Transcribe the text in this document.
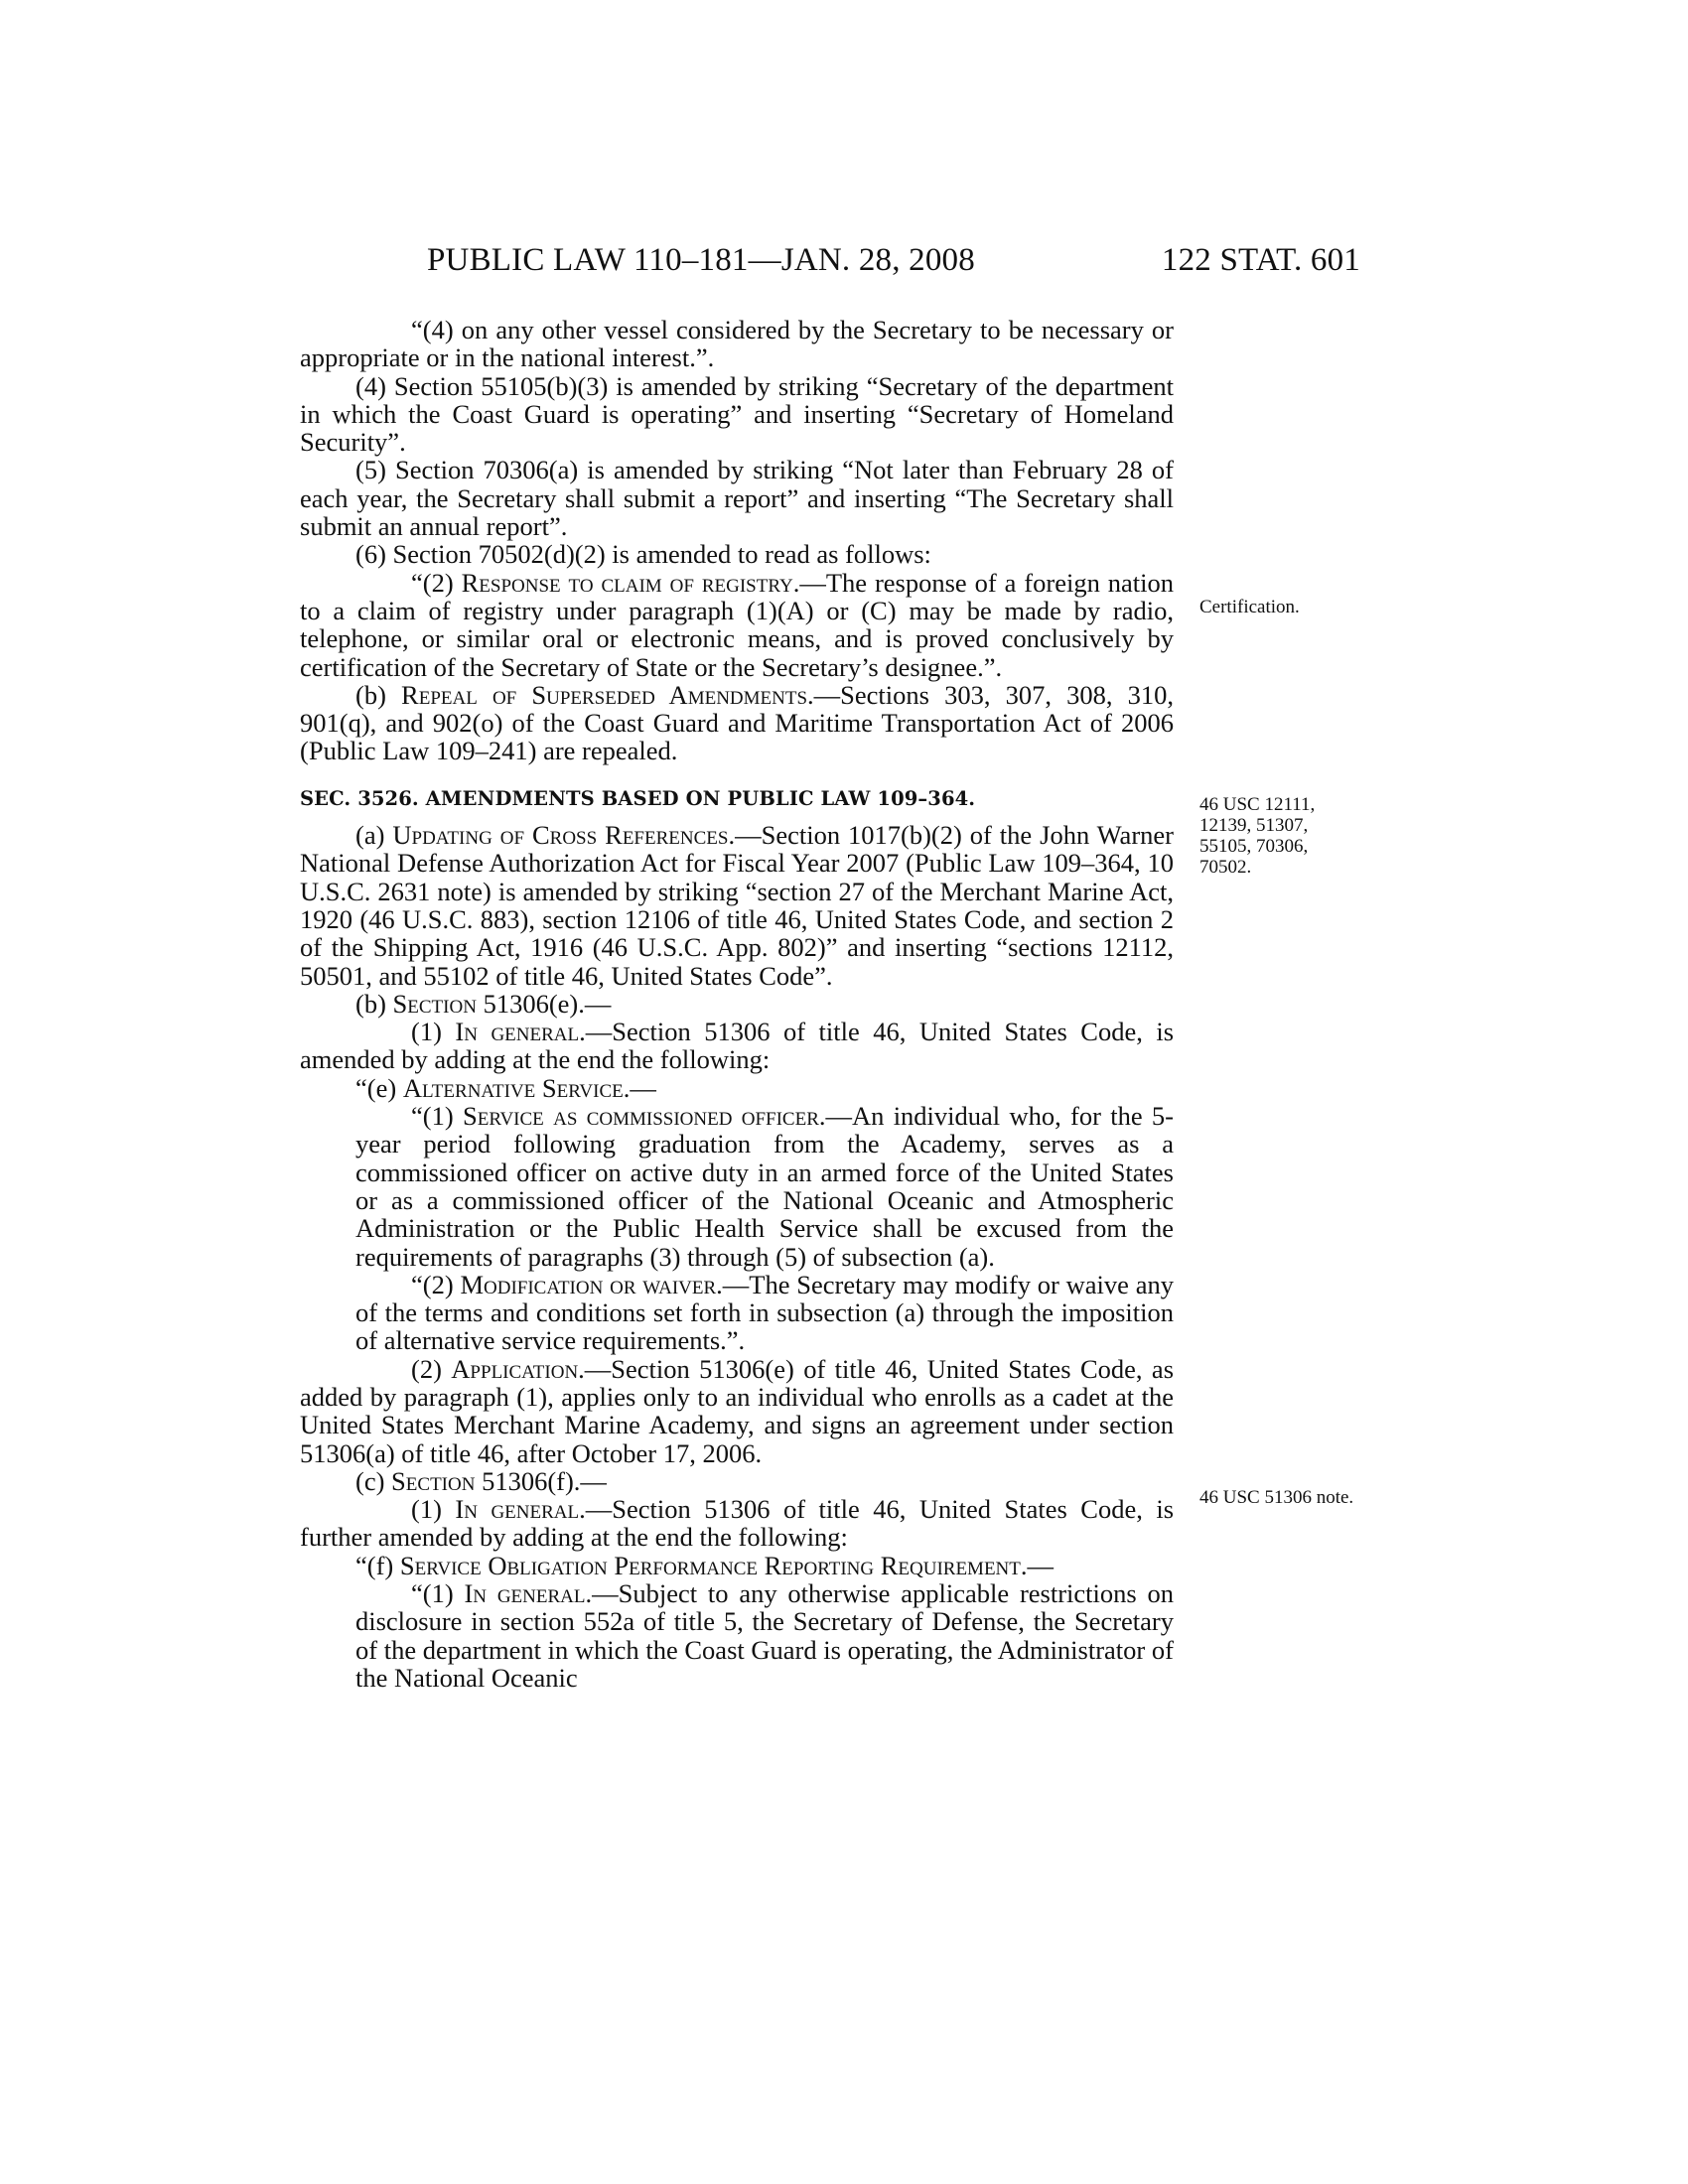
PUBLIC LAW 110–181—JAN. 28, 2008	122 STAT. 601

“(4) on any other vessel considered by the Secretary to be necessary or appropriate or in the national interest.”.

(4) Section 55105(b)(3) is amended by striking “Secretary of the department in which the Coast Guard is operating” and inserting “Secretary of Homeland Security”.

(5) Section 70306(a) is amended by striking “Not later than February 28 of each year, the Secretary shall submit a report” and inserting “The Secretary shall submit an annual report”.

(6) Section 70502(d)(2) is amended to read as follows:

“(2) Response to claim of registry.—The response of a foreign nation to a claim of registry under paragraph (1)(A) or (C) may be made by radio, telephone, or similar oral or electronic means, and is proved conclusively by certification of the Secretary of State or the Secretary’s designee.”.

(b) Repeal of Superseded Amendments.—Sections 303, 307, 308, 310, 901(q), and 902(o) of the Coast Guard and Maritime Transportation Act of 2006 (Public Law 109–241) are repealed.

SEC. 3526. AMENDMENTS BASED ON PUBLIC LAW 109–364.

(a) Updating of Cross References.—Section 1017(b)(2) of the John Warner National Defense Authorization Act for Fiscal Year 2007 (Public Law 109–364, 10 U.S.C. 2631 note) is amended by striking “section 27 of the Merchant Marine Act, 1920 (46 U.S.C. 883), section 12106 of title 46, United States Code, and section 2 of the Shipping Act, 1916 (46 U.S.C. App. 802)” and inserting “sections 12112, 50501, and 55102 of title 46, United States Code”.

(b) Section 51306(e).—

(1) In general.—Section 51306 of title 46, United States Code, is amended by adding at the end the following:

“(e) Alternative Service.—

“(1) Service as commissioned officer.—An individual who, for the 5-year period following graduation from the Academy, serves as a commissioned officer on active duty in an armed force of the United States or as a commissioned officer of the National Oceanic and Atmospheric Administration or the Public Health Service shall be excused from the requirements of paragraphs (3) through (5) of subsection (a).

“(2) Modification or waiver.—The Secretary may modify or waive any of the terms and conditions set forth in subsection (a) through the imposition of alternative service requirements.”.

(2) Application.—Section 51306(e) of title 46, United States Code, as added by paragraph (1), applies only to an individual who enrolls as a cadet at the United States Merchant Marine Academy, and signs an agreement under section 51306(a) of title 46, after October 17, 2006.

(c) Section 51306(f).—

(1) In general.—Section 51306 of title 46, United States Code, is further amended by adding at the end the following:

“(f) Service Obligation Performance Reporting Requirement.—

“(1) In general.—Subject to any otherwise applicable restrictions on disclosure in section 552a of title 5, the Secretary of Defense, the Secretary of the department in which the Coast Guard is operating, the Administrator of the National Oceanic

Certification.
46 USC 12111, 12139, 51307, 55105, 70306, 70502.
46 USC 51306 note.
